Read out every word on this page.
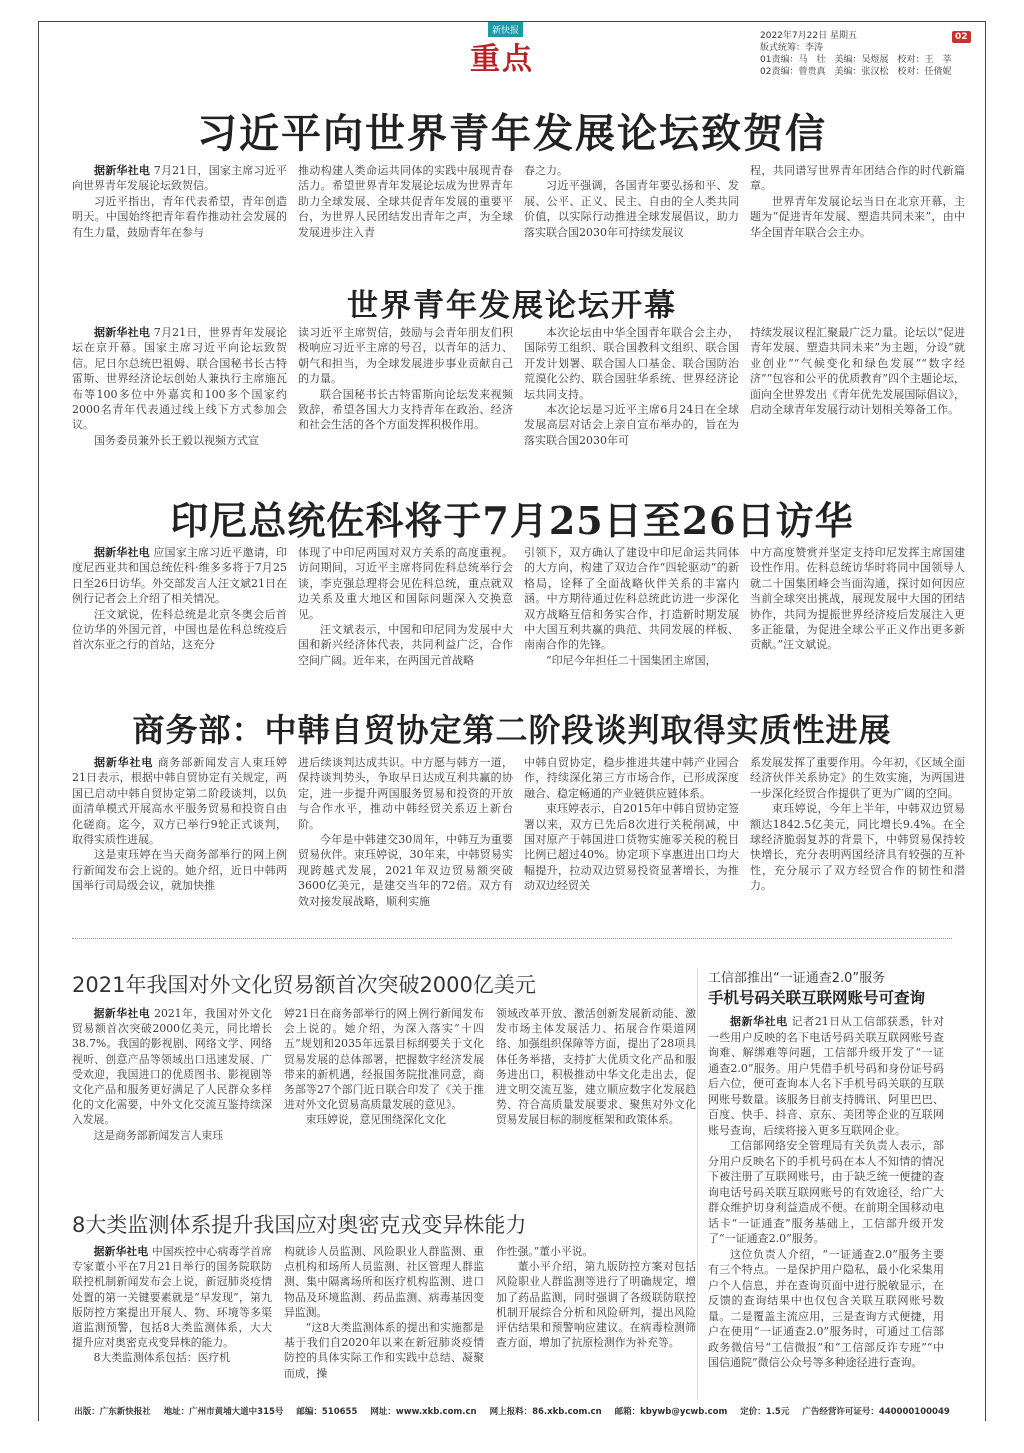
新快报
重点
2022年7月22日 星期五
版式统筹：李涛
01责编：马　壮　美编：吴煜展　校对：王　莘
02责编：曾贵真　美编：张汉松　校对：任倩妮
02
习近平向世界青年发展论坛致贺信

据新华社电 7月21日，国家主席习近平向世界青年发展论坛致贺信。

习近平指出，青年代表希望，青年创造明天。中国始终把青年看作推动社会发展的有生力量，鼓励青年在参与

推动构建人类命运共同体的实践中展现青春活力。希望世界青年发展论坛成为世界青年助力全球发展、全球共促青年发展的重要平台，为世界人民团结发出青年之声，为全球发展进步注入青

春之力。

习近平强调，各国青年要弘扬和平、发展、公平、正义、民主、自由的全人类共同价值，以实际行动推进全球发展倡议，助力落实联合国2030年可持续发展议

程，共同谱写世界青年团结合作的时代新篇章。

世界青年发展论坛当日在北京开幕，主题为“促进青年发展、塑造共同未来”，由中华全国青年联合会主办。

世界青年发展论坛开幕

据新华社电 7月21日，世界青年发展论坛在京开幕。国家主席习近平向论坛致贺信。尼日尔总统巴祖姆、联合国秘书长古特雷斯、世界经济论坛创始人兼执行主席施瓦布等100多位中外嘉宾和100多个国家约2000名青年代表通过线上线下方式参加会议。

国务委员兼外长王毅以视频方式宣

读习近平主席贺信，鼓励与会青年朋友们积极响应习近平主席的号召，以青年的活力、朝气和担当，为全球发展进步事业贡献自己的力量。

联合国秘书长古特雷斯向论坛发来视频致辞，希望各国大力支持青年在政治、经济和社会生活的各个方面发挥积极作用。

本次论坛由中华全国青年联合会主办，国际劳工组织、联合国教科文组织、联合国开发计划署、联合国人口基金、联合国防治荒漠化公约、联合国驻华系统、世界经济论坛共同支持。

本次论坛是习近平主席6月24日在全球发展高层对话会上亲自宣布举办的，旨在为落实联合国2030年可

持续发展议程汇聚最广泛力量。论坛以“促进青年发展、塑造共同未来”为主题，分设“就业创业”“气候变化和绿色发展”“数字经济”“包容和公平的优质教育”四个主题论坛，面向全世界发出《青年优先发展国际倡议》，启动全球青年发展行动计划相关筹备工作。

印尼总统佐科将于7月25日至26日访华

据新华社电 应国家主席习近平邀请，印度尼西亚共和国总统佐科·维多多将于7月25日至26日访华。外交部发言人汪文斌21日在例行记者会上介绍了相关情况。

汪文斌说，佐科总统是北京冬奥会后首位访华的外国元首，中国也是佐科总统疫后首次东亚之行的首站，这充分

体现了中印尼两国对双方关系的高度重视。访问期间，习近平主席将同佐科总统举行会谈，李克强总理将会见佐科总统，重点就双边关系及重大地区和国际问题深入交换意见。

汪文斌表示，中国和印尼同为发展中大国和新兴经济体代表，共同利益广泛，合作空间广阔。近年来，在两国元首战略

引领下，双方确认了建设中印尼命运共同体的大方向，构建了双边合作“四轮驱动”的新格局，诠释了全面战略伙伴关系的丰富内涵。中方期待通过佐科总统此访进一步深化双方战略互信和务实合作，打造新时期发展中大国互利共赢的典范、共同发展的样板、南南合作的先锋。

“印尼今年担任二十国集团主席国，

中方高度赞赏并坚定支持印尼发挥主席国建设性作用。佐科总统访华时将同中国领导人就二十国集团峰会当面沟通，探讨如何因应当前全球突出挑战，展现发展中大国的团结协作，共同为提振世界经济疫后发展注入更多正能量，为促进全球公平正义作出更多新贡献。”汪文斌说。

商务部：中韩自贸协定第二阶段谈判取得实质性进展

据新华社电 商务部新闻发言人束珏婷21日表示，根据中韩自贸协定有关规定，两国已启动中韩自贸协定第二阶段谈判，以负面清单模式开展高水平服务贸易和投资自由化磋商。迄今，双方已举行9轮正式谈判，取得实质性进展。

这是束珏婷在当天商务部举行的网上例行新闻发布会上说的。她介绍，近日中韩两国举行司局级会议，就加快推

进后续谈判达成共识。中方愿与韩方一道，保持谈判势头，争取早日达成互利共赢的协定，进一步提升两国服务贸易和投资的开放与合作水平，推动中韩经贸关系迈上新台阶。

今年是中韩建交30周年，中韩互为重要贸易伙伴。束珏婷说，30年来，中韩贸易实现跨越式发展，2021年双边贸易额突破3600亿美元，是建交当年的72倍。双方有效对接发展战略，顺利实施

中韩自贸协定，稳步推进共建中韩产业园合作，持续深化第三方市场合作，已形成深度融合、稳定畅通的产业链供应链体系。

束珏婷表示，自2015年中韩自贸协定签署以来，双方已先后8次进行关税削减，中国对原产于韩国进口货物实施零关税的税目比例已超过40%。协定项下享惠进出口均大幅提升，拉动双边贸易投资显著增长，为推动双边经贸关

系发展发挥了重要作用。今年初，《区域全面经济伙伴关系协定》的生效实施，为两国进一步深化经贸合作提供了更为广阔的空间。

束珏婷说，今年上半年，中韩双边贸易额达1842.5亿美元，同比增长9.4%。在全球经济脆弱复苏的背景下，中韩贸易保持较快增长，充分表明两国经济具有较强的互补性，充分展示了双方经贸合作的韧性和潜力。

2021年我国对外文化贸易额首次突破2000亿美元

据新华社电 2021年，我国对外文化贸易额首次突破2000亿美元，同比增长38.7%。我国的影视剧、网络文学、网络视听、创意产品等领域出口迅速发展、广受欢迎，我国进口的优质图书、影视剧等文化产品和服务更好满足了人民群众多样化的文化需要，中外文化交流互鉴持续深入发展。

这是商务部新闻发言人束珏

婷21日在商务部举行的网上例行新闻发布会上说的。她介绍，为深入落实“十四五”规划和2035年远景目标纲要关于文化贸易发展的总体部署，把握数字经济发展带来的新机遇，经报国务院批准同意，商务部等27个部门近日联合印发了《关于推进对外文化贸易高质量发展的意见》。

束珏婷说，意见围绕深化文化

领域改革开放、激活创新发展新动能、激发市场主体发展活力、拓展合作渠道网络、加强组织保障等方面，提出了28项具体任务举措，支持扩大优质文化产品和服务进出口，积极推动中华文化走出去，促进文明交流互鉴，建立顺应数字化发展趋势、符合高质量发展要求、聚焦对外文化贸易发展目标的制度框架和政策体系。

8大类监测体系提升我国应对奥密克戎变异株能力

据新华社电 中国疾控中心病毒学首席专家董小平在7月21日举行的国务院联防联控机制新闻发布会上说，新冠肺炎疫情处置的第一关键要素就是“早发现”，第九版防控方案提出开展人、物、环境等多渠道监测预警，包括8大类监测体系，大大提升应对奥密克戎变异株的能力。

8大类监测体系包括：医疗机

构就诊人员监测、风险职业人群监测、重点机构和场所人员监测、社区管理人群监测、集中隔离场所和医疗机构监测、进口物品及环境监测、药品监测、病毒基因变异监测。

“这8大类监测体系的提出和实施都是基于我们自2020年以来在新冠肺炎疫情防控的具体实际工作和实践中总结、凝聚而成，操

作性强。”董小平说。

董小平介绍，第九版防控方案对包括风险职业人群监测等进行了明确规定，增加了药品监测，同时强调了各级联防联控机制开展综合分析和风险研判，提出风险评估结果和预警响应建议。在病毒检测筛查方面，增加了抗原检测作为补充等。

工信部推出“一证通查2.0”服务
手机号码关联互联网账号可查询

据新华社电 记者21日从工信部获悉，针对一些用户反映的名下电话号码关联互联网账号查询难、解绑难等问题，工信部升级开发了“一证通查2.0”服务。用户凭借手机号码和身份证号码后六位，便可查询本人名下手机号码关联的互联网账号数量。该服务目前支持腾讯、阿里巴巴、百度、快手、抖音、京东、美团等企业的互联网账号查询，后续将接入更多互联网企业。

工信部网络安全管理局有关负责人表示，部分用户反映名下的手机号码在本人不知情的情况下被注册了互联网账号，由于缺乏统一便捷的查询电话号码关联互联网账号的有效途径，给广大群众维护切身利益造成不便。在前期全国移动电话卡“一证通查”服务基础上，工信部升级开发了“一证通查2.0”服务。

这位负责人介绍，“一证通查2.0”服务主要有三个特点。一是保护用户隐私，最小化采集用户个人信息，并在查询页面中进行脱敏显示，在反馈的查询结果中也仅包含关联互联网账号数量。二是覆盖主流应用，三是查询方式便捷，用户在使用“一证通查2.0”服务时，可通过工信部政务微信号“工信微报”和“工信部反诈专班”“中国信通院”微信公众号等多种途径进行查询。

出版：广东新快报社 地址：广州市黄埔大道中315号 邮编：510655 网址：www.xkb.com.cn 网上报料：86.xkb.com.cn 邮箱：kbywb@ycwb.com 定价：1.5元 广告经营许可证号：440000100049
